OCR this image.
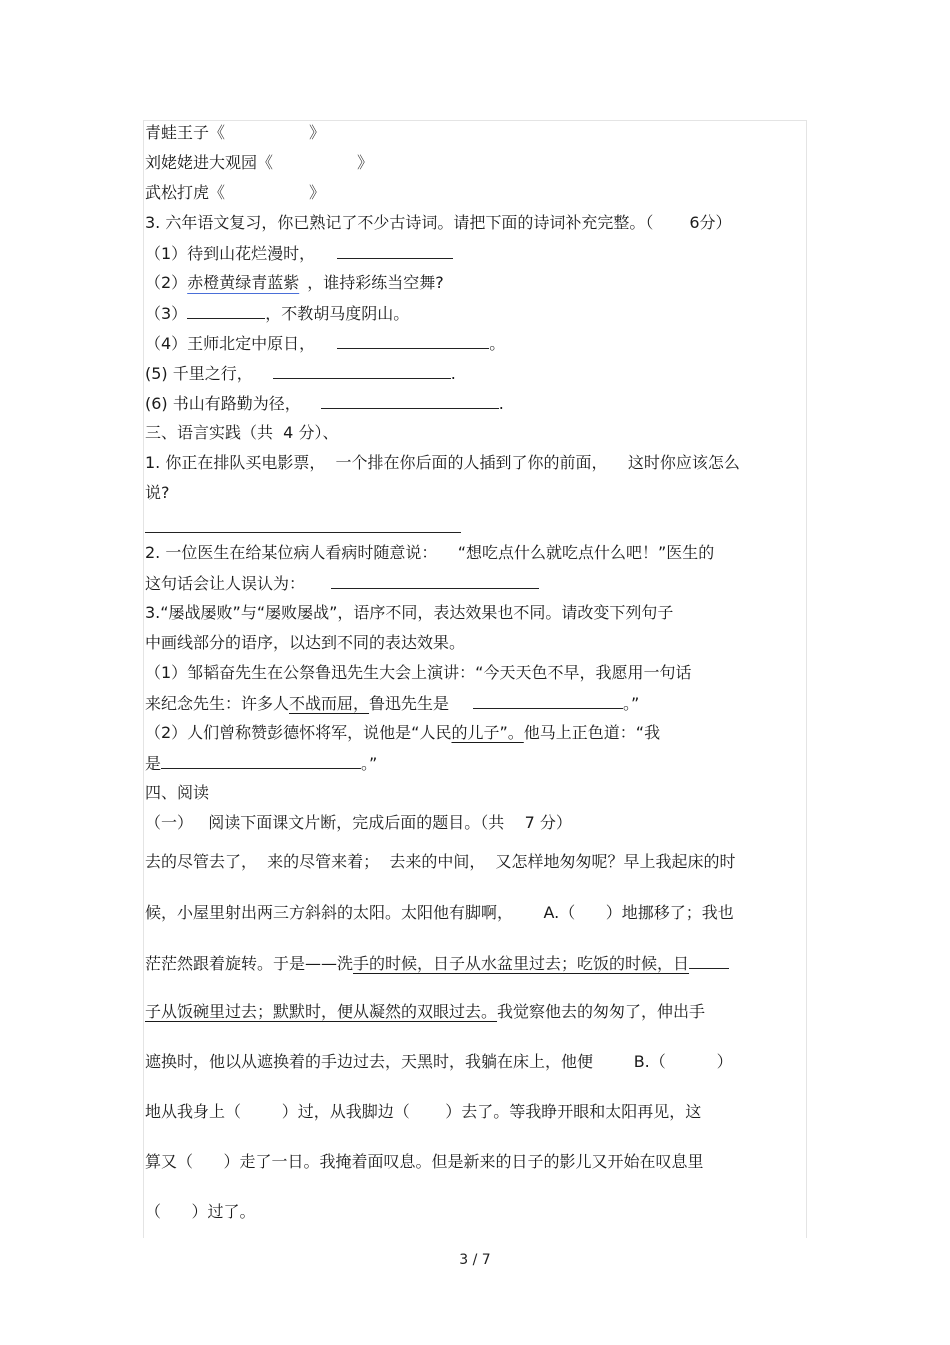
青蛙王子《	》
刘姥姥进大观园《	》
武松打虎《	》
3. 六年语文复习，你已熟记了不少古诗词。请把下面的诗词补充完整。（ 6分）
（1）待到山花烂漫时，
（2）赤橙黄绿青蓝紫 ，谁持彩练当空舞?
（3）	，不教胡马度阴山。
（4）王师北定中原日，	。
(5) 千里之行，	.
(6) 书山有路勤为径，	.
三、语言实践（共  4 分）、
1. 你正在排队买电影票，  一个排在你后面的人插到了你的前面，    这时你应该怎么
说?
2. 一位医生在给某位病人看病时随意说：    “想吃点什么就吃点什么吧！”医生的
这句话会让人误认为：
3.“屡战屡败”与“屡败屡战”，语序不同，表达效果也不同。请改变下列句子
中画线部分的语序，以达到不同的表达效果。
（1）邹韬奋先生在公祭鲁迅先生大会上演讲：“今天天色不早，我愿用一句话
来纪念先生：许多人不战而屈，鲁迅先生是	。”
（2）人们曾称赞彭德怀将军，说他是“人民的儿子”。他马上正色道：“我
是	。”
四、阅读
（一）   阅读下面课文片断，完成后面的题目。（共    7 分）
去的尽管去了，  来的尽管来着；  去来的中间，  又怎样地匆匆呢？早上我起床的时
候，小屋里射出两三方斜斜的太阳。太阳他有脚啊，      A.（      ）地挪移了；我也
茫茫然跟着旋转。于是——洗手的时候，日子从水盆里过去；吃饭的时候，日
子从饭碗里过去；默默时，便从凝然的双眼过去。我觉察他去的匆匆了，伸出手
遮换时，他以从遮换着的手边过去，天黑时，我躺在床上，他便        B.（          ）
地从我身上（        ）过，从我脚边（       ）去了。等我睁开眼和太阳再见，这
算又（      ）走了一日。我掩着面叹息。但是新来的日子的影儿又开始在叹息里
（      ）过了。
3 / 7
